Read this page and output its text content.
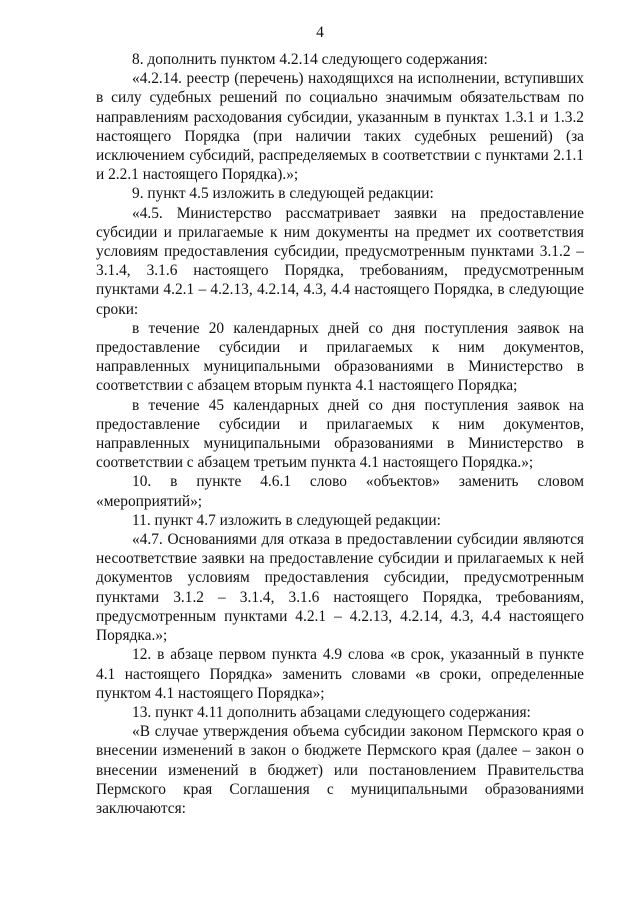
4

8. дополнить пунктом 4.2.14 следующего содержания:

«4.2.14. реестр (перечень) находящихся на исполнении, вступивших в силу судебных решений по социально значимым обязательствам по направлениям расходования субсидии, указанным в пунктах 1.3.1 и 1.3.2 настоящего Порядка (при наличии таких судебных решений) (за исключением субсидий, распределяемых в соответствии с пунктами 2.1.1 и 2.2.1 настоящего Порядка).»;

9. пункт 4.5 изложить в следующей редакции:

«4.5. Министерство рассматривает заявки на предоставление субсидии и прилагаемые к ним документы на предмет их соответствия условиям предоставления субсидии, предусмотренным пунктами 3.1.2 – 3.1.4, 3.1.6 настоящего Порядка, требованиям, предусмотренным пунктами 4.2.1 – 4.2.13, 4.2.14, 4.3, 4.4 настоящего Порядка, в следующие сроки:

в течение 20 календарных дней со дня поступления заявок на предоставление субсидии и прилагаемых к ним документов, направленных муниципальными образованиями в Министерство в соответствии с абзацем вторым пункта 4.1 настоящего Порядка;

в течение 45 календарных дней со дня поступления заявок на предоставление субсидии и прилагаемых к ним документов, направленных муниципальными образованиями в Министерство в соответствии с абзацем третьим пункта 4.1 настоящего Порядка.»;

10. в пункте 4.6.1 слово «объектов» заменить словом «мероприятий»;

11. пункт 4.7 изложить в следующей редакции:

«4.7. Основаниями для отказа в предоставлении субсидии являются несоответствие заявки на предоставление субсидии и прилагаемых к ней документов условиям предоставления субсидии, предусмотренным пунктами 3.1.2 – 3.1.4, 3.1.6 настоящего Порядка, требованиям, предусмотренным пунктами 4.2.1 – 4.2.13, 4.2.14, 4.3, 4.4 настоящего Порядка.»;

12. в абзаце первом пункта 4.9 слова «в срок, указанный в пункте 4.1 настоящего Порядка» заменить словами «в сроки, определенные пунктом 4.1 настоящего Порядка»;

13. пункт 4.11 дополнить абзацами следующего содержания:

«В случае утверждения объема субсидии законом Пермского края о внесении изменений в закон о бюджете Пермского края (далее – закон о внесении изменений в бюджет) или постановлением Правительства Пермского края Соглашения с муниципальными образованиями заключаются:
